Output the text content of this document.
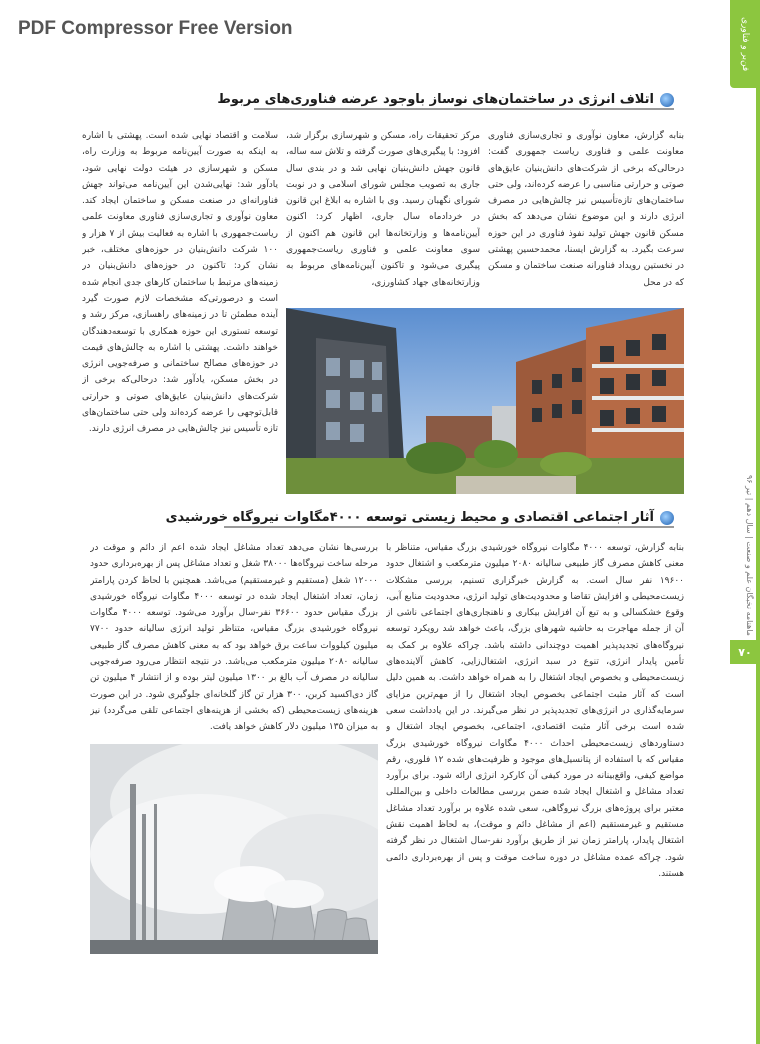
PDF Compressor Free Version	فن‌بر و فناوری
ماهنامه نخبگان علم و صنعت | سال دهم | تیر ۹۶
۷۰
اتلاف انرژی در ساختمان‌های نوساز باوجود عرضه فناوری‌های مربوط

بنابه گزارش، معاون نوآوری و تجاری‌سازی فناوری معاونت علمی و فناوری ریاست جمهوری گفت: درحالی‌که برخی از شرکت‌های دانش‌بنیان عایق‌های صوتی و حرارتی مناسبی را عرضه کرده‌اند، ولی حتی ساختمان‌های تازه‌تأسیس نیز چالش‌هایی در مصرف انرژی دارند و این موضوع نشان می‌دهد که بخش مسکن قانون جهش تولید نفوذ فناوری در این حوزه سرعت بگیرد. به گزارش ایسنا، محمدحسین پهشتی در نخستین رویداد فناورانه صنعت ساختمان و مسکن که در محل

مرکز تحقیقات راه، مسکن و شهرسازی برگزار شد، افزود: با پیگیری‌های صورت گرفته و تلاش سه ساله، قانون جهش دانش‌بنیان نهایی شد و در بندی سال جاری به تصویب مجلس شورای اسلامی و در نوبت شورای نگهبان رسید. وی با اشاره به ابلاغ این قانون در خردادماه سال جاری، اظهار کرد: اکنون آیین‌نامه‌ها و وزارتخانه‌ها این قانون هم اکنون از سوی معاونت علمی و فناوری ریاست‌جمهوری پیگیری می‌شود و تاکنون آیین‌نامه‌های مربوط به وزارتخانه‌های جهاد کشاورزی،

سلامت و اقتصاد نهایی شده است. پهشتی با اشاره به اینکه به صورت آیین‌نامه مربوط به وزارت راه، مسکن و شهرسازی در هیئت دولت نهایی شود، یادآور شد: نهایی‌شدن این آیین‌نامه می‌تواند جهش فناورانه‌ای در صنعت مسکن و ساختمان ایجاد کند. معاون نوآوری و تجاری‌سازی فناوری معاونت علمی ریاست‌جمهوری با اشاره به فعالیت بیش از ۷ هزار و ۱۰۰ شرکت دانش‌بنیان در حوزه‌های مختلف، خبر نشان کرد: تاکنون در حوزه‌های دانش‌بنیان در زمینه‌های مرتبط با ساختمان کارهای جدی انجام شده است و درصورتی‌که مشخصات لازم صورت گیرد آینده مطمئن تا در زمینه‌های راهسازی، مرکز رشد و توسعه تستوری این حوزه همکاری با توسعه‌دهندگان خواهند داشت. پهشتی با اشاره به چالش‌های قیمت در حوزه‌های مصالح ساختمانی و صرفه‌جویی انرژی در بخش مسکن، یادآور شد: درحالی‌که برخی از شرکت‌های دانش‌بنیان عایق‌های صوتی و حرارتی قابل‌توجهی را عرضه کرده‌اند ولی حتی ساختمان‌های تازه تأسیس نیز چالش‌هایی در مصرف انرژی دارند.

آثار اجتماعی اقتصادی و محیط زیستی توسعه ۴۰۰۰مگاوات نیروگاه خورشیدی

بنابه گزارش، توسعه ۴۰۰۰ مگاوات نیروگاه خورشیدی بزرگ مقیاس، متناظر با معنی کاهش مصرف گاز طبیعی سالیانه ۲۰۸۰ میلیون مترمکعب و اشتغال حدود ۱۹۶۰۰ نفر سال است. به گزارش خبرگزاری تسنیم، بررسی مشکلات زیست‌محیطی و افزایش تقاضا و محدودیت‌های تولید انرژی، محدودیت منابع آبی، وقوع خشکسالی و به تبع آن افزایش بیکاری و ناهنجاری‌های اجتماعی ناشی از آن از جمله مهاجرت به حاشیه شهرهای بزرگ، باعث خواهد شد رویکرد توسعه نیروگاه‌های تجدیدپذیر اهمیت دوچندانی داشته باشد. چراکه علاوه بر کمک به تأمین پایدار انرژی، تنوع در سبد انرژی، اشتغال‌زایی، کاهش آلاینده‌های زیست‌محیطی و بخصوص ایجاد اشتغال را به همراه خواهد داشت. به همین دلیل است که آثار مثبت اجتماعی بخصوص ایجاد اشتغال را از مهم‌ترین مزایای سرمایه‌گذاری در انرژی‌های تجدیدپذیر در نظر می‌گیرند. در این یادداشت سعی شده است برخی آثار مثبت اقتصادی، اجتماعی، بخصوص ایجاد اشتغال و دستاوردهای زیست‌محیطی احداث ۴۰۰۰ مگاوات نیروگاه خورشیدی بزرگ مقیاس که با استفاده از پتانسیل‌های موجود و ظرفیت‌های شده ۱۲ فلوری، رقم مواضع کیفی، واقع‌بینانه در مورد کیفی آن کارکرد انرژی ارائه شود. برای برآورد تعداد مشاغل و اشتغال ایجاد شده ضمن بررسی مطالعات داخلی و بین‌المللی معتبر برای پروژه‌های بزرگ نیروگاهی، سعی شده علاوه بر برآورد تعداد مشاغل مستقیم و غیرمستقیم (اعم از مشاغل دائم و موقت)، به لحاظ اهمیت نقش اشتغال پایدار، پارامتر زمان نیز از طریق برآورد نفر-سال اشتغال در نظر گرفته شود. چراکه عمده مشاغل در دوره ساخت موقت و پس از بهره‌برداری دائمی هستند.

بررسی‌ها نشان می‌دهد تعداد مشاغل ایجاد شده اعم از دائم و موقت در مرحله ساخت نیروگاه‌ها ۳۸۰۰۰ شغل و تعداد مشاغل پس از بهره‌برداری حدود ۱۲۰۰۰ شغل (مستقیم و غیرمستقیم) می‌باشد. همچنین با لحاظ کردن پارامتر زمان، تعداد اشتغال ایجاد شده در توسعه ۴۰۰۰ مگاوات نیروگاه خورشیدی بزرگ مقیاس حدود ۳۶۶۰۰ نفر-سال برآورد می‌شود. توسعه ۴۰۰۰ مگاوات نیروگاه خورشیدی بزرگ مقیاس، متناظر تولید انرژی سالیانه حدود ۷۷۰۰ میلیون کیلووات ساعت برق خواهد بود که به معنی کاهش مصرف گاز طبیعی سالیانه ۲۰۸۰ میلیون مترمکعب می‌باشد. در نتیجه انتظار می‌رود صرفه‌جویی سالیانه در مصرف آب بالغ بر ۱۳۰۰ میلیون لیتر بوده و از انتشار ۴ میلیون تن گاز دی‌اکسید کربن، ۳۰۰ هزار تن گاز گلخانه‌ای جلوگیری شود. در این صورت هزینه‌های زیست‌محیطی (که بخشی از هزینه‌های اجتماعی تلقی می‌گردد) نیز به میزان ۱۳۵ میلیون دلار کاهش خواهد یافت.
